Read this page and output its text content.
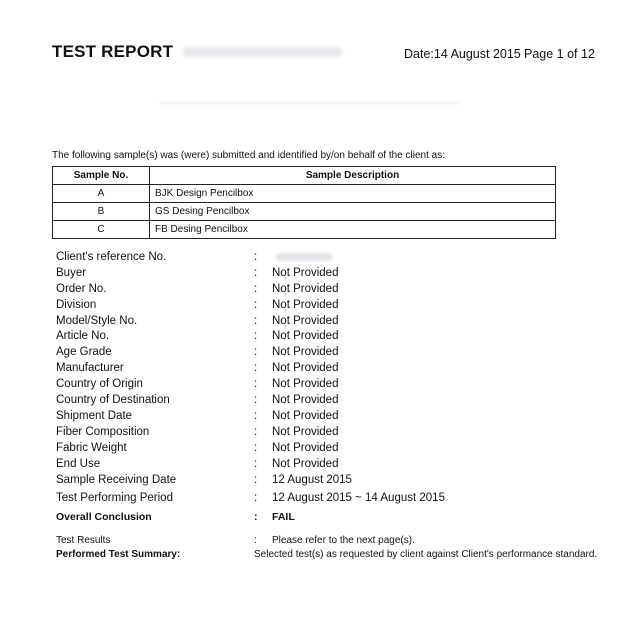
TEST REPORT	Date:14 August 2015 Page 1 of 12
The following sample(s) was (were) submitted and identified by/on behalf of the client as:
Sample No.	Sample Description
A	BJK Design Pencilbox
B	GS Desing Pencilbox
C	FB Desing Pencilbox
Client's reference No.	:
Buyer	:	Not Provided
Order No.	:	Not Provided
Division	:	Not Provided
Model/Style No.	:	Not Provided
Article No.	:	Not Provided
Age Grade	:	Not Provided
Manufacturer	:	Not Provided
Country of Origin	:	Not Provided
Country of Destination	:	Not Provided
Shipment Date	:	Not Provided
Fiber Composition	:	Not Provided
Fabric Weight	:	Not Provided
End Use	:	Not Provided
Sample Receiving Date	:	12 August 2015
Test Performing Period	:	12 August 2015 ~ 14 August 2015
Overall Conclusion	:	FAIL
Test Results	:	Please refer to the next page(s).
Performed Test Summary:	Selected test(s) as requested by client against Client's performance standard.
